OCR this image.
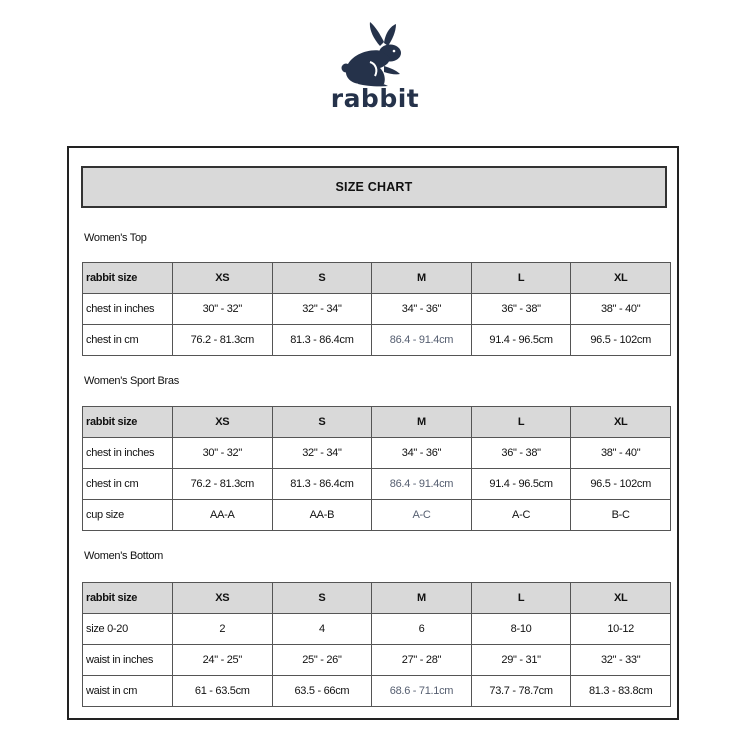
rabbit
SIZE CHART
Women's Top
rabbit size	XS	S	M	L	XL
chest in inches	30" - 32"	32" - 34"	34" - 36"	36" - 38"	38" - 40"
chest in cm	76.2 - 81.3cm	81.3 - 86.4cm	86.4 - 91.4cm	91.4 - 96.5cm	96.5 - 102cm
Women's Sport Bras
rabbit size	XS	S	M	L	XL
chest in inches	30" - 32"	32" - 34"	34" - 36"	36" - 38"	38" - 40"
chest in cm	76.2 - 81.3cm	81.3 - 86.4cm	86.4 - 91.4cm	91.4 - 96.5cm	96.5 - 102cm
cup size	AA-A	AA-B	A-C	A-C	B-C
Women's Bottom
rabbit size	XS	S	M	L	XL
size 0-20	2	4	6	8-10	10-12
waist in inches	24" - 25"	25" - 26"	27" - 28"	29" - 31"	32" - 33"
waist in cm	61 - 63.5cm	63.5 - 66cm	68.6 - 71.1cm	73.7 - 78.7cm	81.3 - 83.8cm
